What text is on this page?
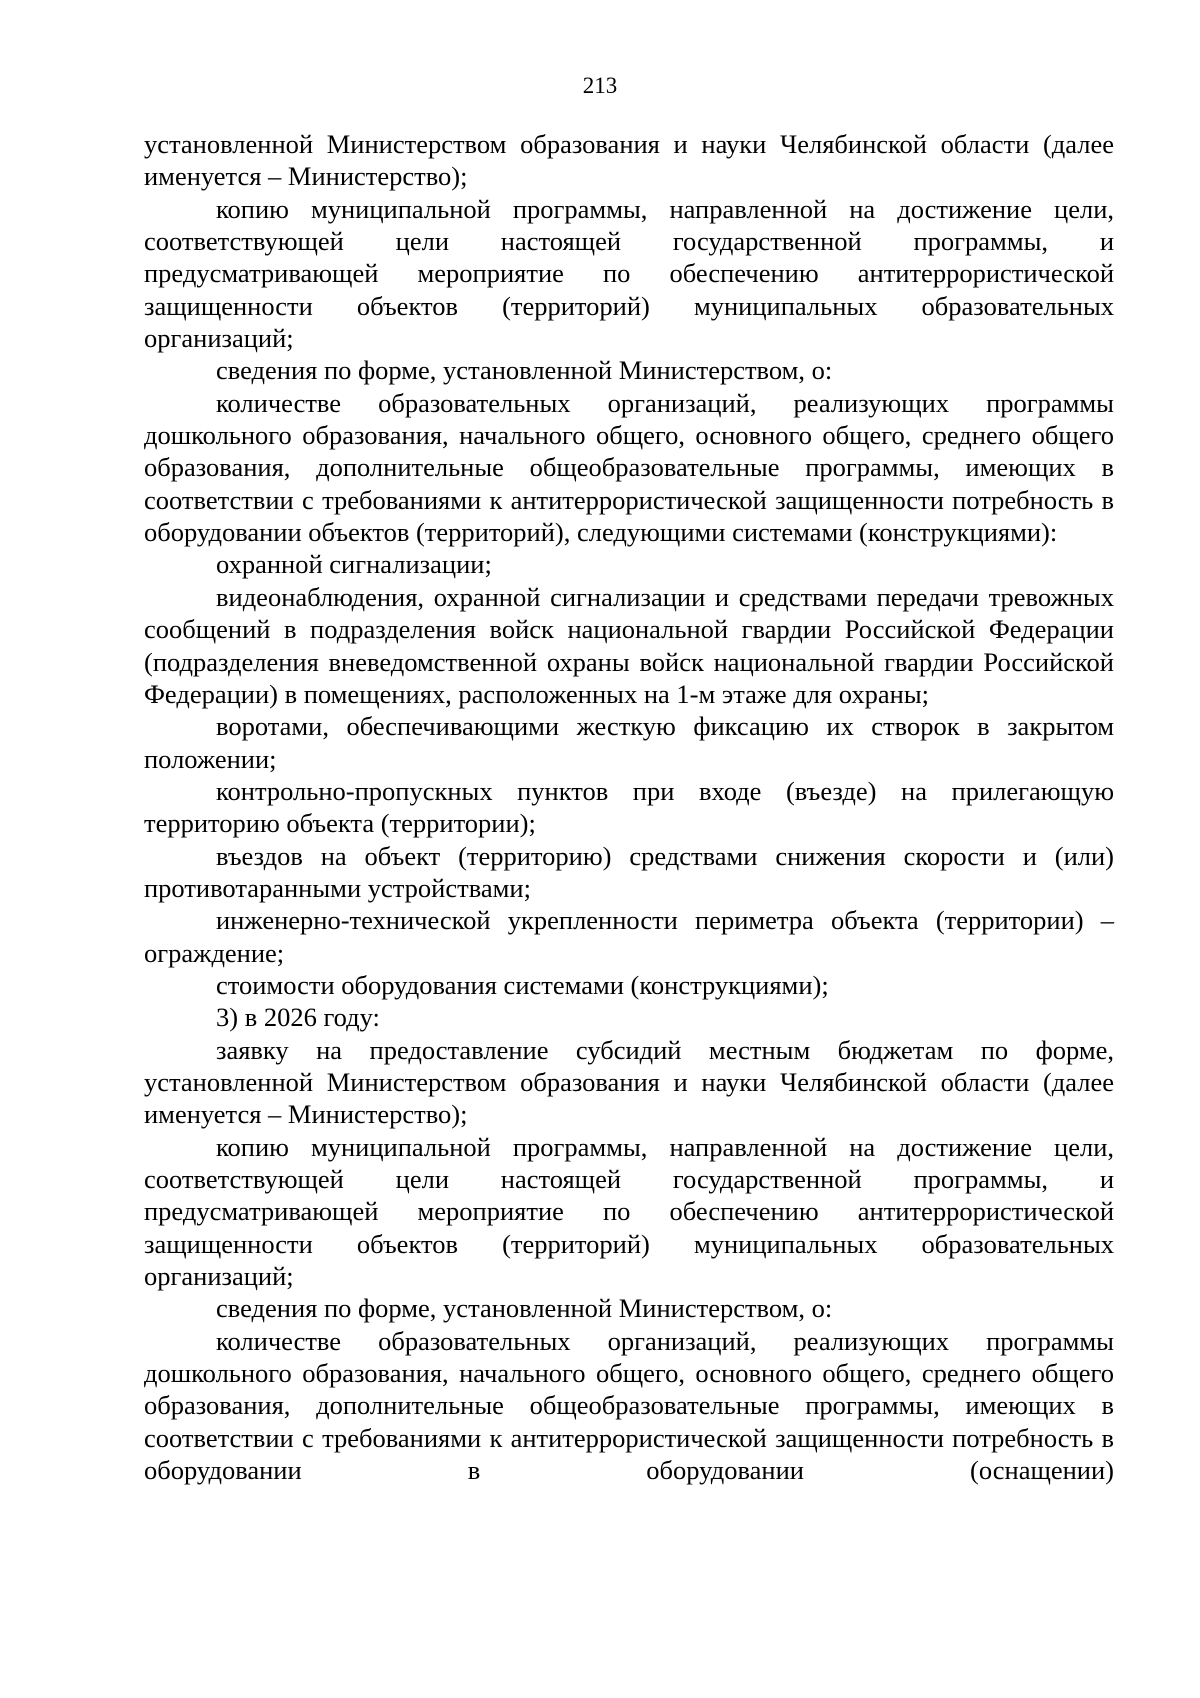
213

установленной Министерством образования и науки Челябинской области (далее именуется – Министерство);

копию муниципальной программы, направленной на достижение цели, соответствующей цели настоящей государственной программы, и предусматривающей мероприятие по обеспечению антитеррористической защищенности объектов (территорий) муниципальных образовательных организаций;

сведения по форме, установленной Министерством, о:

количестве образовательных организаций, реализующих программы дошкольного образования, начального общего, основного общего, среднего общего образования, дополнительные общеобразовательные программы, имеющих в соответствии с требованиями к антитеррористической защищенности потребность в оборудовании объектов (территорий), следующими системами (конструкциями):

охранной сигнализации;

видеонаблюдения, охранной сигнализации и средствами передачи тревожных сообщений в подразделения войск национальной гвардии Российской Федерации (подразделения вневедомственной охраны войск национальной гвардии Российской Федерации) в помещениях, расположенных на 1-м этаже для охраны;

воротами, обеспечивающими жесткую фиксацию их створок в закрытом положении;

контрольно-пропускных пунктов при входе (въезде) на прилегающую территорию объекта (территории);

въездов на объект (территорию) средствами снижения скорости и (или) противотаранными устройствами;

инженерно-технической укрепленности периметра объекта (территории) – ограждение;

стоимости оборудования системами (конструкциями);

3) в 2026 году:

заявку на предоставление субсидий местным бюджетам по форме, установленной Министерством образования и науки Челябинской области (далее именуется – Министерство);

копию муниципальной программы, направленной на достижение цели, соответствующей цели настоящей государственной программы, и предусматривающей мероприятие по обеспечению антитеррористической защищенности объектов (территорий) муниципальных образовательных организаций;

сведения по форме, установленной Министерством, о:

количестве образовательных организаций, реализующих программы дошкольного образования, начального общего, основного общего, среднего общего образования, дополнительные общеобразовательные программы, имеющих в соответствии с требованиями к антитеррористической защищенности потребность в оборудовании в оборудовании (оснащении)
